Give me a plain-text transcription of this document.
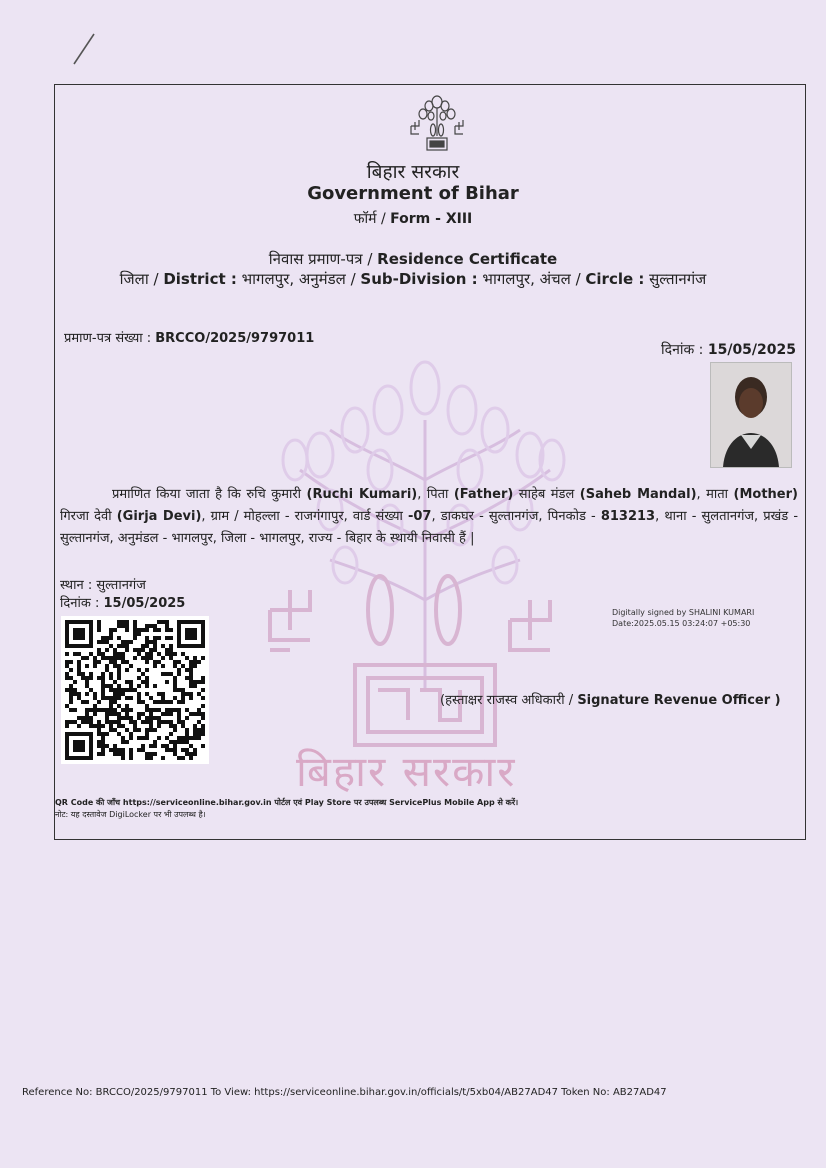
बिहार सरकार
Government of Bihar
फॉर्म / Form - XIII
निवास प्रमाण-पत्र / Residence Certificate
जिला / District : भागलपुर, अनुमंडल / Sub-Division : भागलपुर, अंचल / Circle : सुल्तानगंज
बिहार सरकार
प्रमाण-पत्र संख्या : BRCCO/2025/9797011
दिनांक : 15/05/2025
प्रमाणित किया जाता है कि रुचि कुमारी (Ruchi Kumari), पिता (Father) साहेब मंडल (Saheb Mandal), माता (Mother) गिरजा देवी (Girja Devi), ग्राम / मोहल्ला - राजगंगापुर, वार्ड संख्या -07, डाकघर - सुल्तानगंज, पिनकोड - 813213, थाना - सुलतानगंज, प्रखंड - सुल्तानगंज, अनुमंडल - भागलपुर, जिला - भागलपुर, राज्य - बिहार के स्थायी निवासी हैं |
स्थान : सुल्तानगंज
दिनांक : 15/05/2025
Digitally signed by SHALINI KUMARI
Date:2025.05.15 03:24:07 +05:30
(हस्ताक्षर राजस्व अधिकारी / Signature Revenue Officer )
QR Code की जाँच https://serviceonline.bihar.gov.in पोर्टल एवं Play Store पर उपलब्ध ServicePlus Mobile App से करें।
नोट: यह दस्तावेज DigiLocker पर भी उपलब्ध है।
Reference No: BRCCO/2025/9797011 To View: https://serviceonline.bihar.gov.in/officials/t/5xb04/AB27AD47 Token No: AB27AD47
